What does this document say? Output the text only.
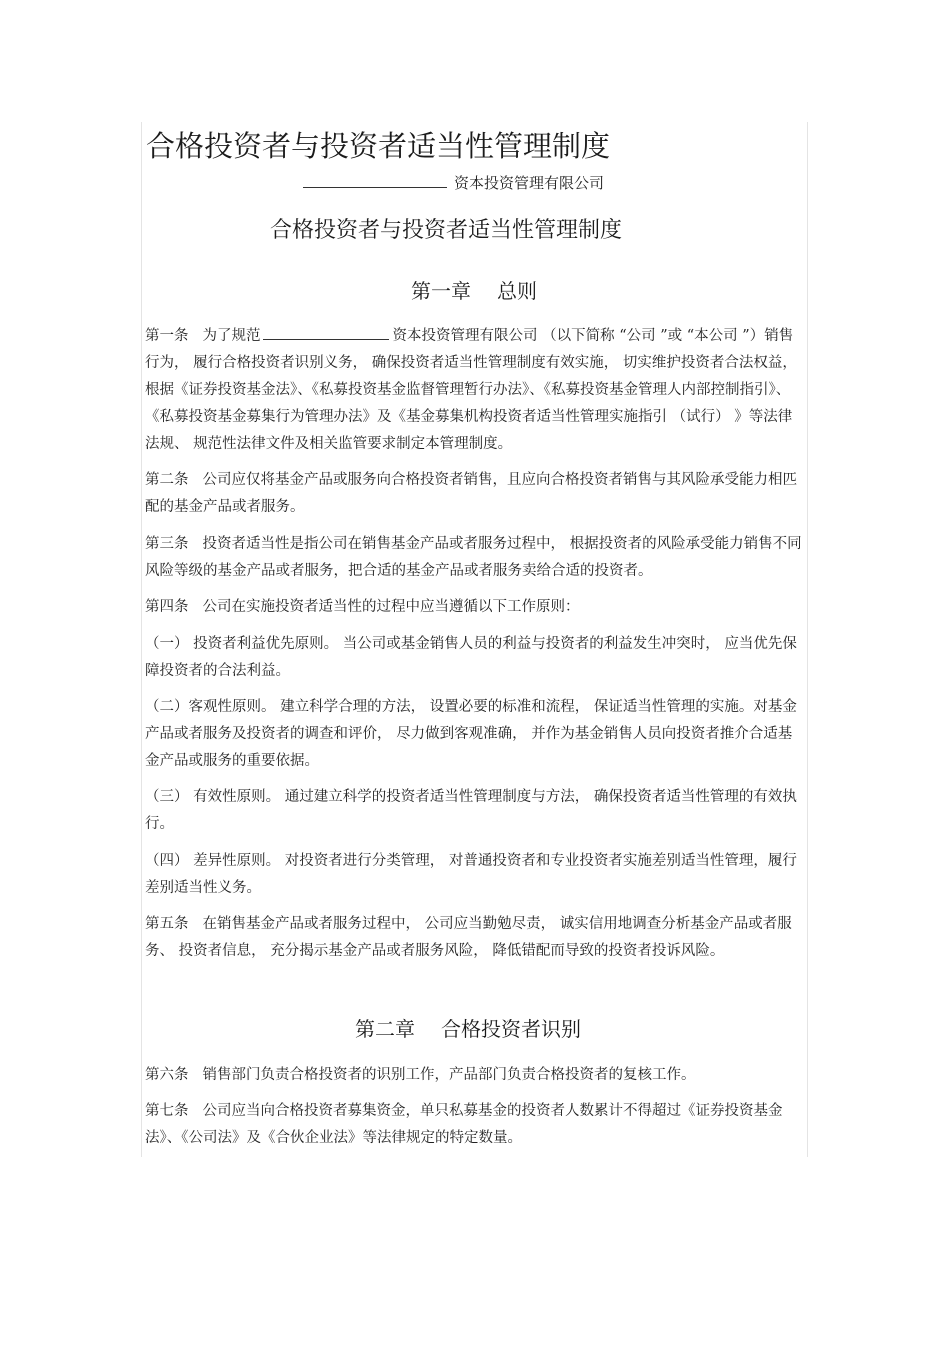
合格投资者与投资者适当性管理制度
资本投资管理有限公司
合格投资者与投资者适当性管理制度
第一章 总则
第一条 为了规范	资本投资管理有限公司 （以下简称 “公司 ”或 “本公司 ”）销售行为， 履行合格投资者识别义务， 确保投资者适当性管理制度有效实施， 切实维护投资者合法权益，根据《证券投资基金法》、《私募投资基金监督管理暂行办法》、《私募投资基金管理人内部控制指引》、 《私募投资基金募集行为管理办法》及《基金募集机构投资者适当性管理实施指引 （试行） 》等法律法规、 规范性法律文件及相关监管要求制定本管理制度。
第二条 公司应仅将基金产品或服务向合格投资者销售，且应向合格投资者销售与其风险承受能力相匹配的基金产品或者服务。
第三条 投资者适当性是指公司在销售基金产品或者服务过程中， 根据投资者的风险承受能力销售不同风险等级的基金产品或者服务，把合适的基金产品或者服务卖给合适的投资者。
第四条 公司在实施投资者适当性的过程中应当遵循以下工作原则：
（一） 投资者利益优先原则。 当公司或基金销售人员的利益与投资者的利益发生冲突时， 应当优先保障投资者的合法利益。
（二）客观性原则。 建立科学合理的方法， 设置必要的标准和流程， 保证适当性管理的实施。对基金产品或者服务及投资者的调查和评价， 尽力做到客观准确， 并作为基金销售人员向投资者推介合适基金产品或服务的重要依据。
（三） 有效性原则。 通过建立科学的投资者适当性管理制度与方法， 确保投资者适当性管理的有效执行。
（四） 差异性原则。 对投资者进行分类管理， 对普通投资者和专业投资者实施差别适当性管理，履行差别适当性义务。
第五条 在销售基金产品或者服务过程中， 公司应当勤勉尽责， 诚实信用地调查分析基金产品或者服务、 投资者信息， 充分揭示基金产品或者服务风险， 降低错配而导致的投资者投诉风险。
第二章 合格投资者识别
第六条 销售部门负责合格投资者的识别工作，产品部门负责合格投资者的复核工作。
第七条 公司应当向合格投资者募集资金，单只私募基金的投资者人数累计不得超过《证券投资基金法》、《公司法》及《合伙企业法》等法律规定的特定数量。
